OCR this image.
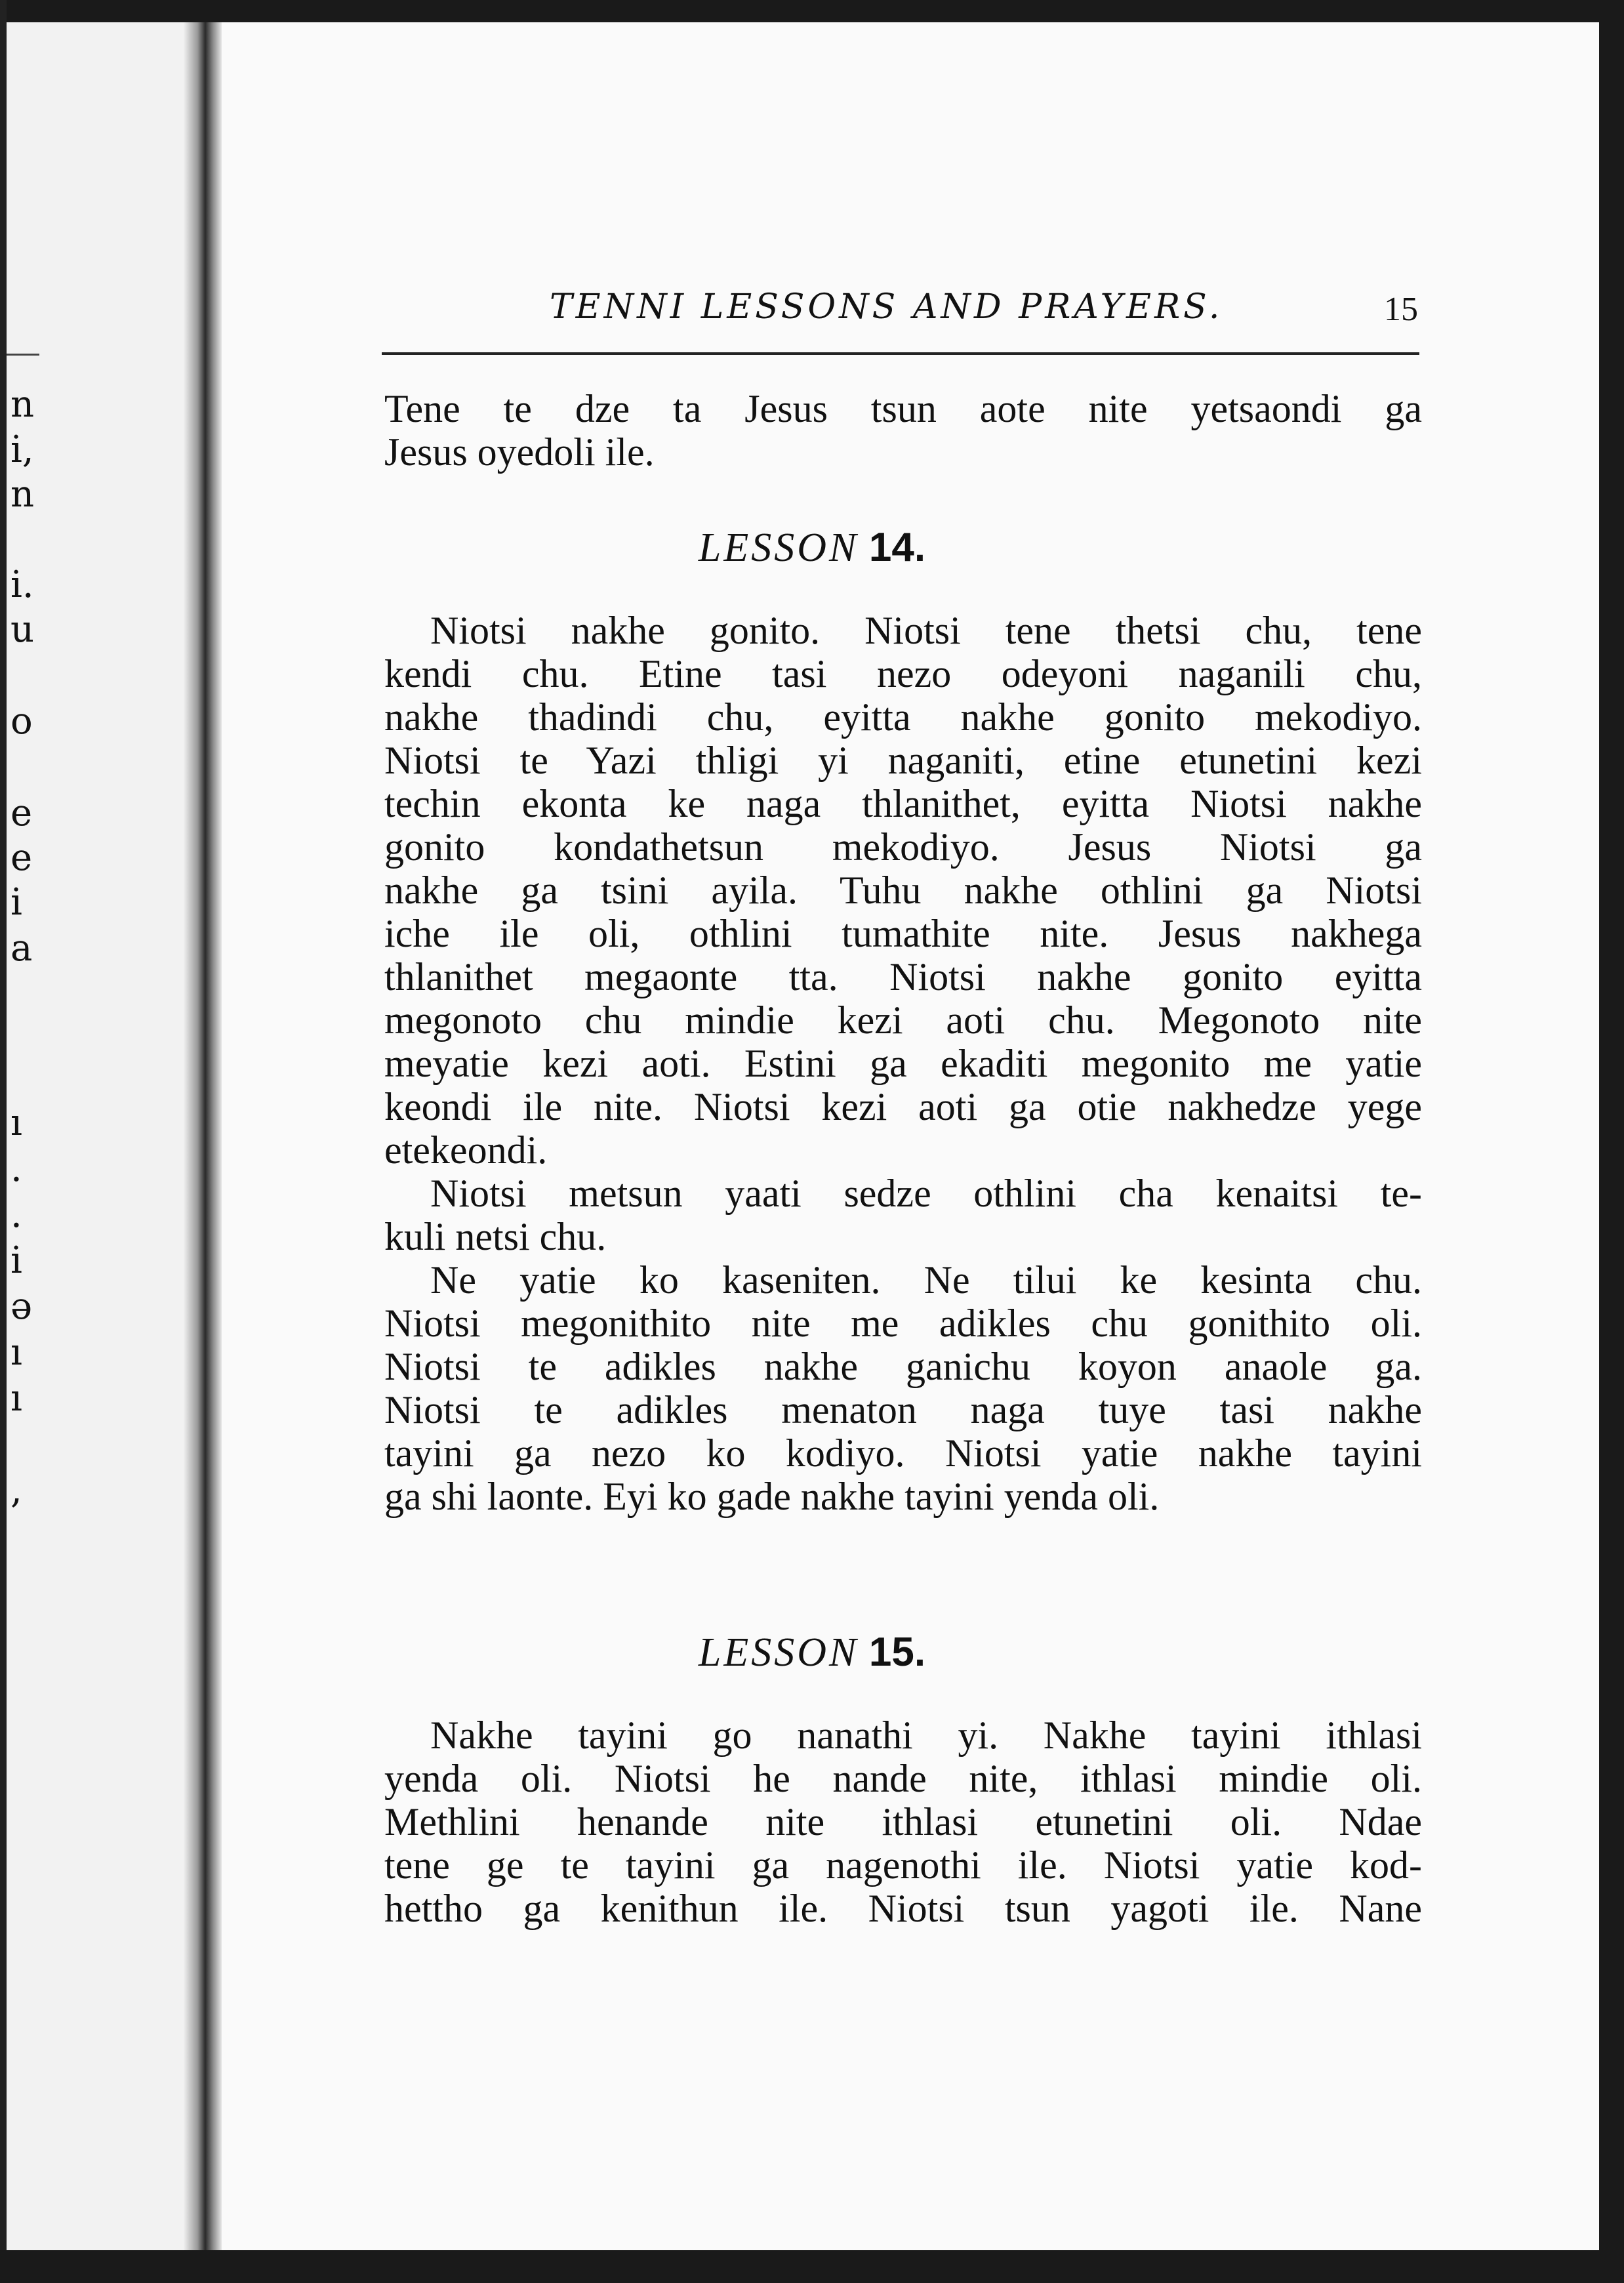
n
i,
n
i.
u
o
e
e
i
a
ı
.
.
i
ə
ı
ı
,
TENNI LESSONS AND PRAYERS.	15
Tene te dze ta Jesus tsun aote nite yetsaondi ga
Jesus oyedoli ile.
LESSON 14.
Niotsi nakhe gonito. Niotsi tene thetsi chu, tene
kendi chu. Etine tasi nezo odeyoni naganili chu,
nakhe thadindi chu, eyitta nakhe gonito mekodiyo.
Niotsi te Yazi thligi yi naganiti, etine etunetini kezi
techin ekonta ke naga thlanithet, eyitta Niotsi nakhe
gonito kondathetsun mekodiyo. Jesus Niotsi ga
nakhe ga tsini ayila. Tuhu nakhe othlini ga Niotsi
iche ile oli, othlini tumathite nite. Jesus nakhega
thlanithet megaonte tta. Niotsi nakhe gonito eyitta
megonoto chu mindie kezi aoti chu. Megonoto nite
meyatie kezi aoti. Estini ga ekaditi megonito me yatie
keondi ile nite. Niotsi kezi aoti ga otie nakhedze yege
etekeondi.
Niotsi metsun yaati sedze othlini cha kenaitsi te-
kuli netsi chu.
Ne yatie ko kaseniten. Ne tilui ke kesinta chu.
Niotsi megonithito nite me adikles chu gonithito oli.
Niotsi te adikles nakhe ganichu koyon anaole ga.
Niotsi te adikles menaton naga tuye tasi nakhe
tayini ga nezo ko kodiyo. Niotsi yatie nakhe tayini
ga shi laonte. Eyi ko gade nakhe tayini yenda oli.
LESSON 15.
Nakhe tayini go nanathi yi. Nakhe tayini ithlasi
yenda oli. Niotsi he nande nite, ithlasi mindie oli.
Methlini henande nite ithlasi etunetini oli. Ndae
tene ge te tayini ga nagenothi ile. Niotsi yatie kod-
hettho ga kenithun ile. Niotsi tsun yagoti ile. Nane
